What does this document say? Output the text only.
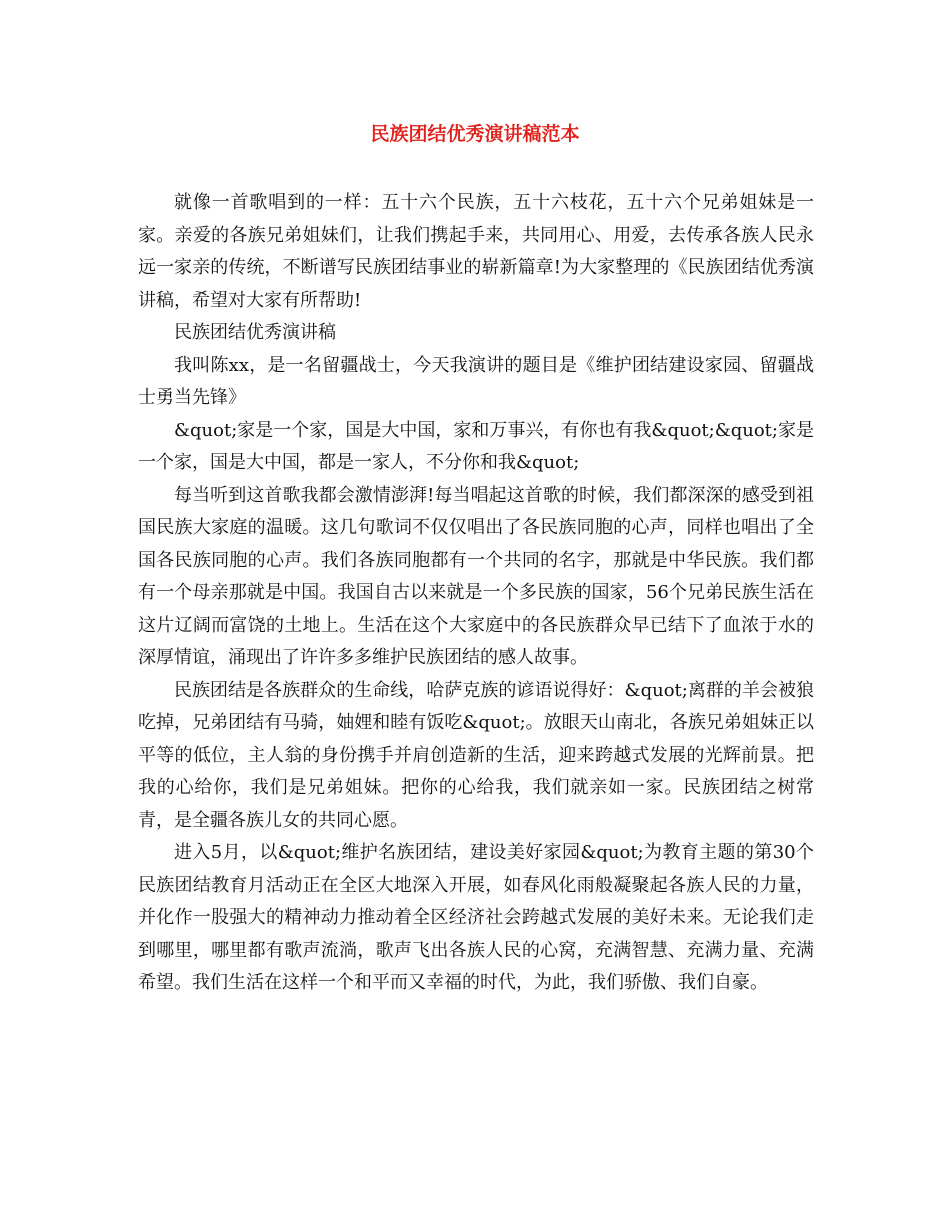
民族团结优秀演讲稿范本

就像一首歌唱到的一样：五十六个民族，五十六枝花，五十六个兄弟姐妹是一家。亲爱的各族兄弟姐妹们，让我们携起手来，共同用心、用爱，去传承各族人民永远一家亲的传统，不断谱写民族团结事业的崭新篇章!为大家整理的《民族团结优秀演讲稿，希望对大家有所帮助!

民族团结优秀演讲稿

我叫陈xx，是一名留疆战士，今天我演讲的题目是《维护团结建设家园、留疆战士勇当先锋》

&quot;家是一个家，国是大中国，家和万事兴，有你也有我&quot;&quot;家是一个家，国是大中国，都是一家人，不分你和我&quot;

每当听到这首歌我都会激情澎湃!每当唱起这首歌的时候，我们都深深的感受到祖国民族大家庭的温暖。这几句歌词不仅仅唱出了各民族同胞的心声，同样也唱出了全国各民族同胞的心声。我们各族同胞都有一个共同的名字，那就是中华民族。我们都有一个母亲那就是中国。我国自古以来就是一个多民族的国家，56个兄弟民族生活在这片辽阔而富饶的土地上。生活在这个大家庭中的各民族群众早已结下了血浓于水的深厚情谊，涌现出了许许多多维护民族团结的感人故事。

民族团结是各族群众的生命线，哈萨克族的谚语说得好：&quot;离群的羊会被狼吃掉，兄弟团结有马骑，妯娌和睦有饭吃&quot;。放眼天山南北，各族兄弟姐妹正以平等的低位，主人翁的身份携手并肩创造新的生活，迎来跨越式发展的光辉前景。把我的心给你，我们是兄弟姐妹。把你的心给我，我们就亲如一家。民族团结之树常青，是全疆各族儿女的共同心愿。

进入5月，以&quot;维护名族团结，建设美好家园&quot;为教育主题的第30个民族团结教育月活动正在全区大地深入开展，如春风化雨般凝聚起各族人民的力量，并化作一股强大的精神动力推动着全区经济社会跨越式发展的美好未来。无论我们走到哪里，哪里都有歌声流淌，歌声飞出各族人民的心窝，充满智慧、充满力量、充满希望。我们生活在这样一个和平而又幸福的时代，为此，我们骄傲、我们自豪。
